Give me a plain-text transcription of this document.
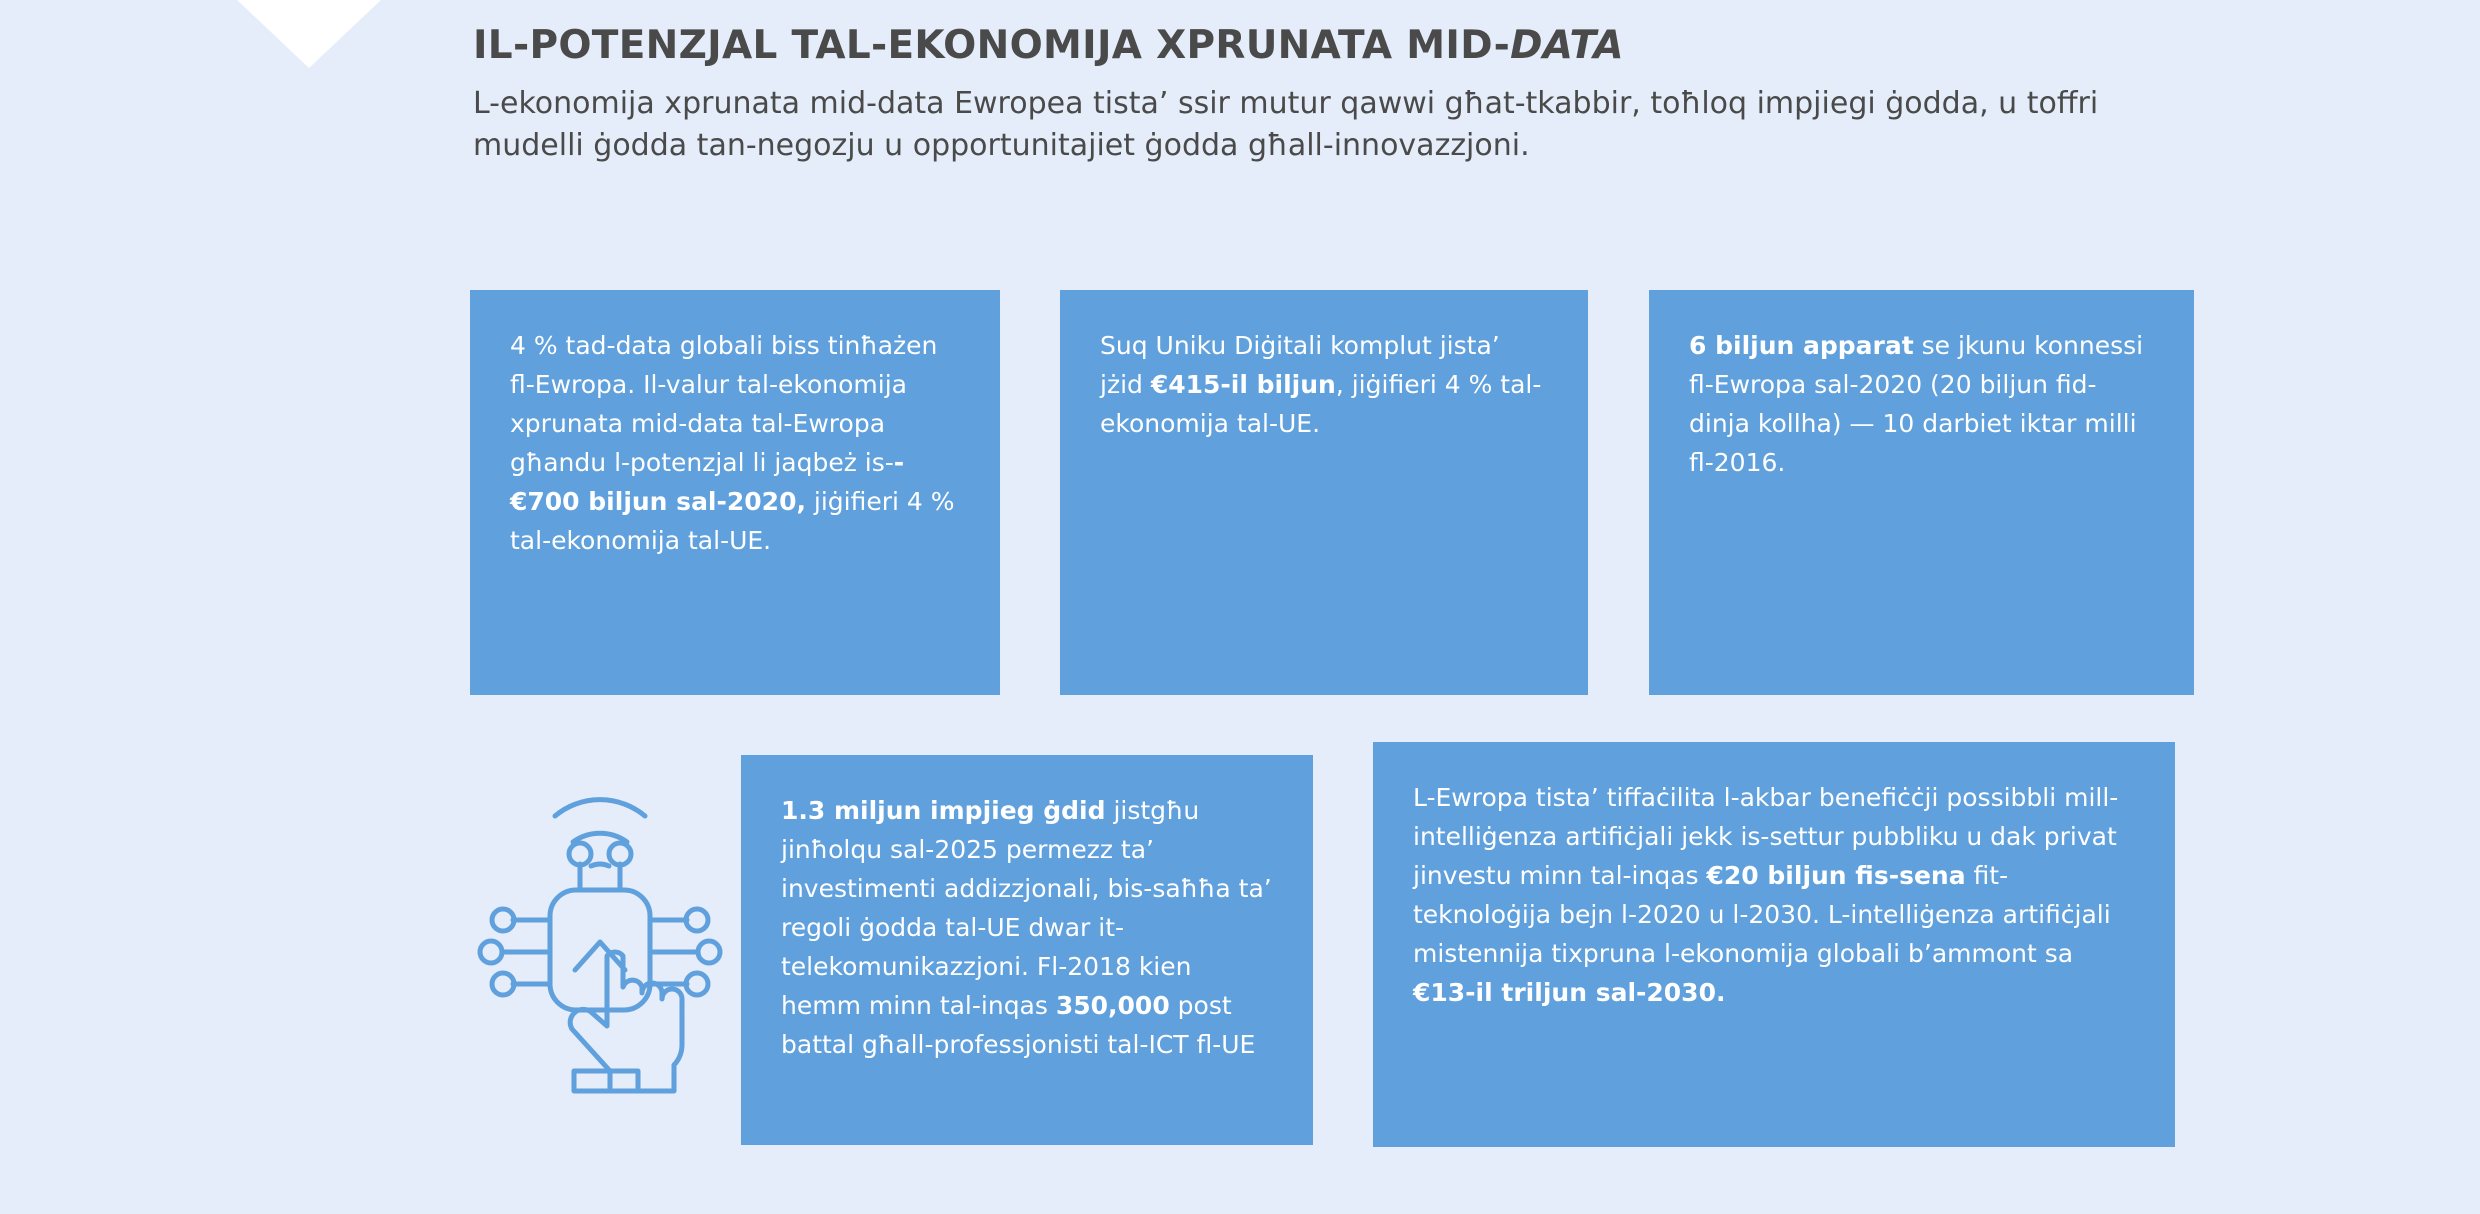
IL-POTENZJAL TAL-EKONOMIJA XPRUNATA MID-DATA

L-ekonomija xprunata mid-data Ewropea tista’ ssir mutur qawwi għat-tkabbir, toħloq impjiegi ġodda, u toffri mudelli ġodda tan-negozju u opportunitajiet ġodda għall-innovazzjoni.

4 % tad-data globali biss tinħażen fl-Ewropa. Il-valur tal-ekonomija xprunata mid-data tal-Ewropa għandu l-potenzjal li jaqbeż is--€700 biljun sal-2020, jiġifieri 4 % tal-ekonomija tal-UE.

Suq Uniku Diġitali komplut jista’ jżid €415-il biljun, jiġifieri 4 % tal-ekonomija tal-UE.

6 biljun apparat se jkunu konnessi fl-Ewropa sal-2020 (20 biljun fid-dinja kollha) — 10 darbiet iktar milli fl-2016.

1.3 miljun impjieg ġdid jistgħu jinħolqu sal-2025 permezz ta’ investimenti addizzjonali, bis-saħħa ta’ regoli ġodda tal-UE dwar it-telekomunikazzjoni. Fl-2018 kien hemm minn tal-inqas 350,000 post battal għall-professjonisti tal-ICT fl-UE

L-Ewropa tista’ tiffaċilita l-akbar benefiċċji possibbli mill-intelliġenza artifiċjali jekk is-settur pubbliku u dak privat jinvestu minn tal-inqas €20 biljun fis-sena fit-teknoloġija bejn l-2020 u l-2030. L-intelliġenza artifiċjali mistennija tixpruna l-ekonomija globali b’ammont sa €13-il triljun sal-2030.
